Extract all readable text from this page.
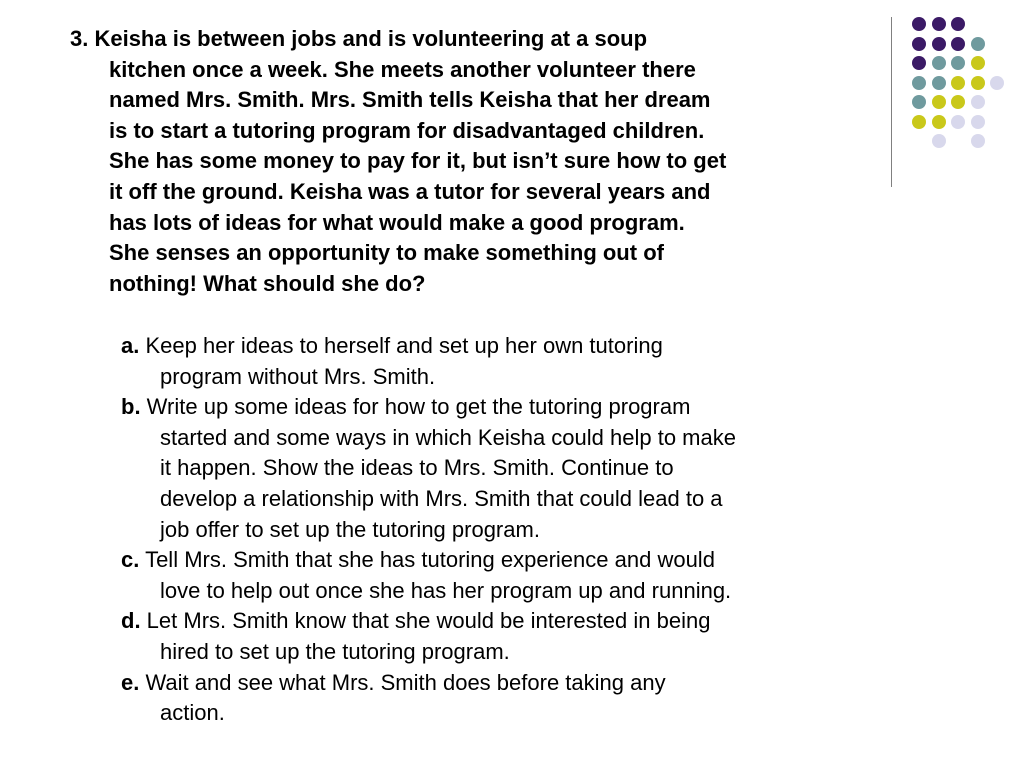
3. Keisha is between jobs and is volunteering at a soup
kitchen once a week. She meets another volunteer there
named Mrs. Smith. Mrs. Smith tells Keisha that her dream
is to start a tutoring program for disadvantaged children.
She has some money to pay for it, but isn’t sure how to get
it off the ground. Keisha was a tutor for several years and
has lots of ideas for what would make a good program.
She senses an opportunity to make something out of
nothing! What should she do?
a. Keep her ideas to herself and set up her own tutoring
program without Mrs. Smith.
b. Write up some ideas for how to get the tutoring program
started and some ways in which Keisha could help to make
it happen. Show the ideas to Mrs. Smith. Continue to
develop a relationship with Mrs. Smith that could lead to a
job offer to set up the tutoring program.
c. Tell Mrs. Smith that she has tutoring experience and would
love to help out once she has her program up and running.
d. Let Mrs. Smith know that she would be interested in being
hired to set up the tutoring program.
e. Wait and see what Mrs. Smith does before taking any
action.
